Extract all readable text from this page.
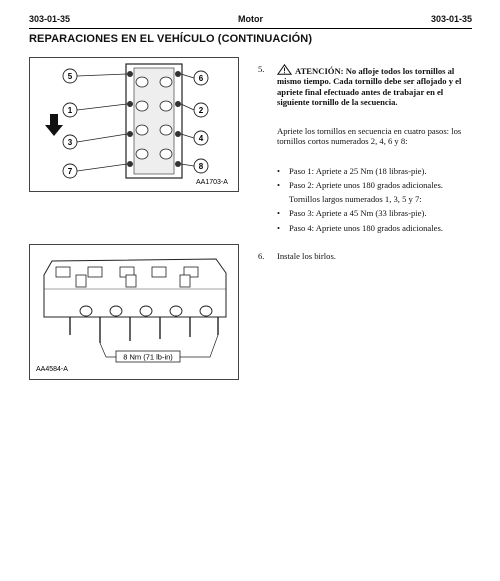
303-01-35	Motor	303-01-35
REPARACIONES EN EL VEHÍCULO (CONTINUACIÓN)
5	6
1	2
3	4
7
8
AA1703-A
8 Nm (71 lb-in)
AA4584-A
5.	ATENCIÓN: No afloje todos los tornillos al mismo tiempo. Cada tornillo debe ser aflojado y el apriete final efectuado antes de trabajar en el siguiente tornillo de la secuencia.
Apriete los tornillos en secuencia en cuatro pasos: los tornillos cortos numerados 2, 4, 6 y 8:
• Paso 1: Apriete a 25 Nm (18 libras-pie).
• Paso 2: Apriete unos 180 grados adicionales.
Tornillos largos numerados 1, 3, 5 y 7:
• Paso 3: Apriete a 45 Nm (33 libras-pie).
• Paso 4: Apriete unos 180 grados adicionales.
6. Instale los birlos.
